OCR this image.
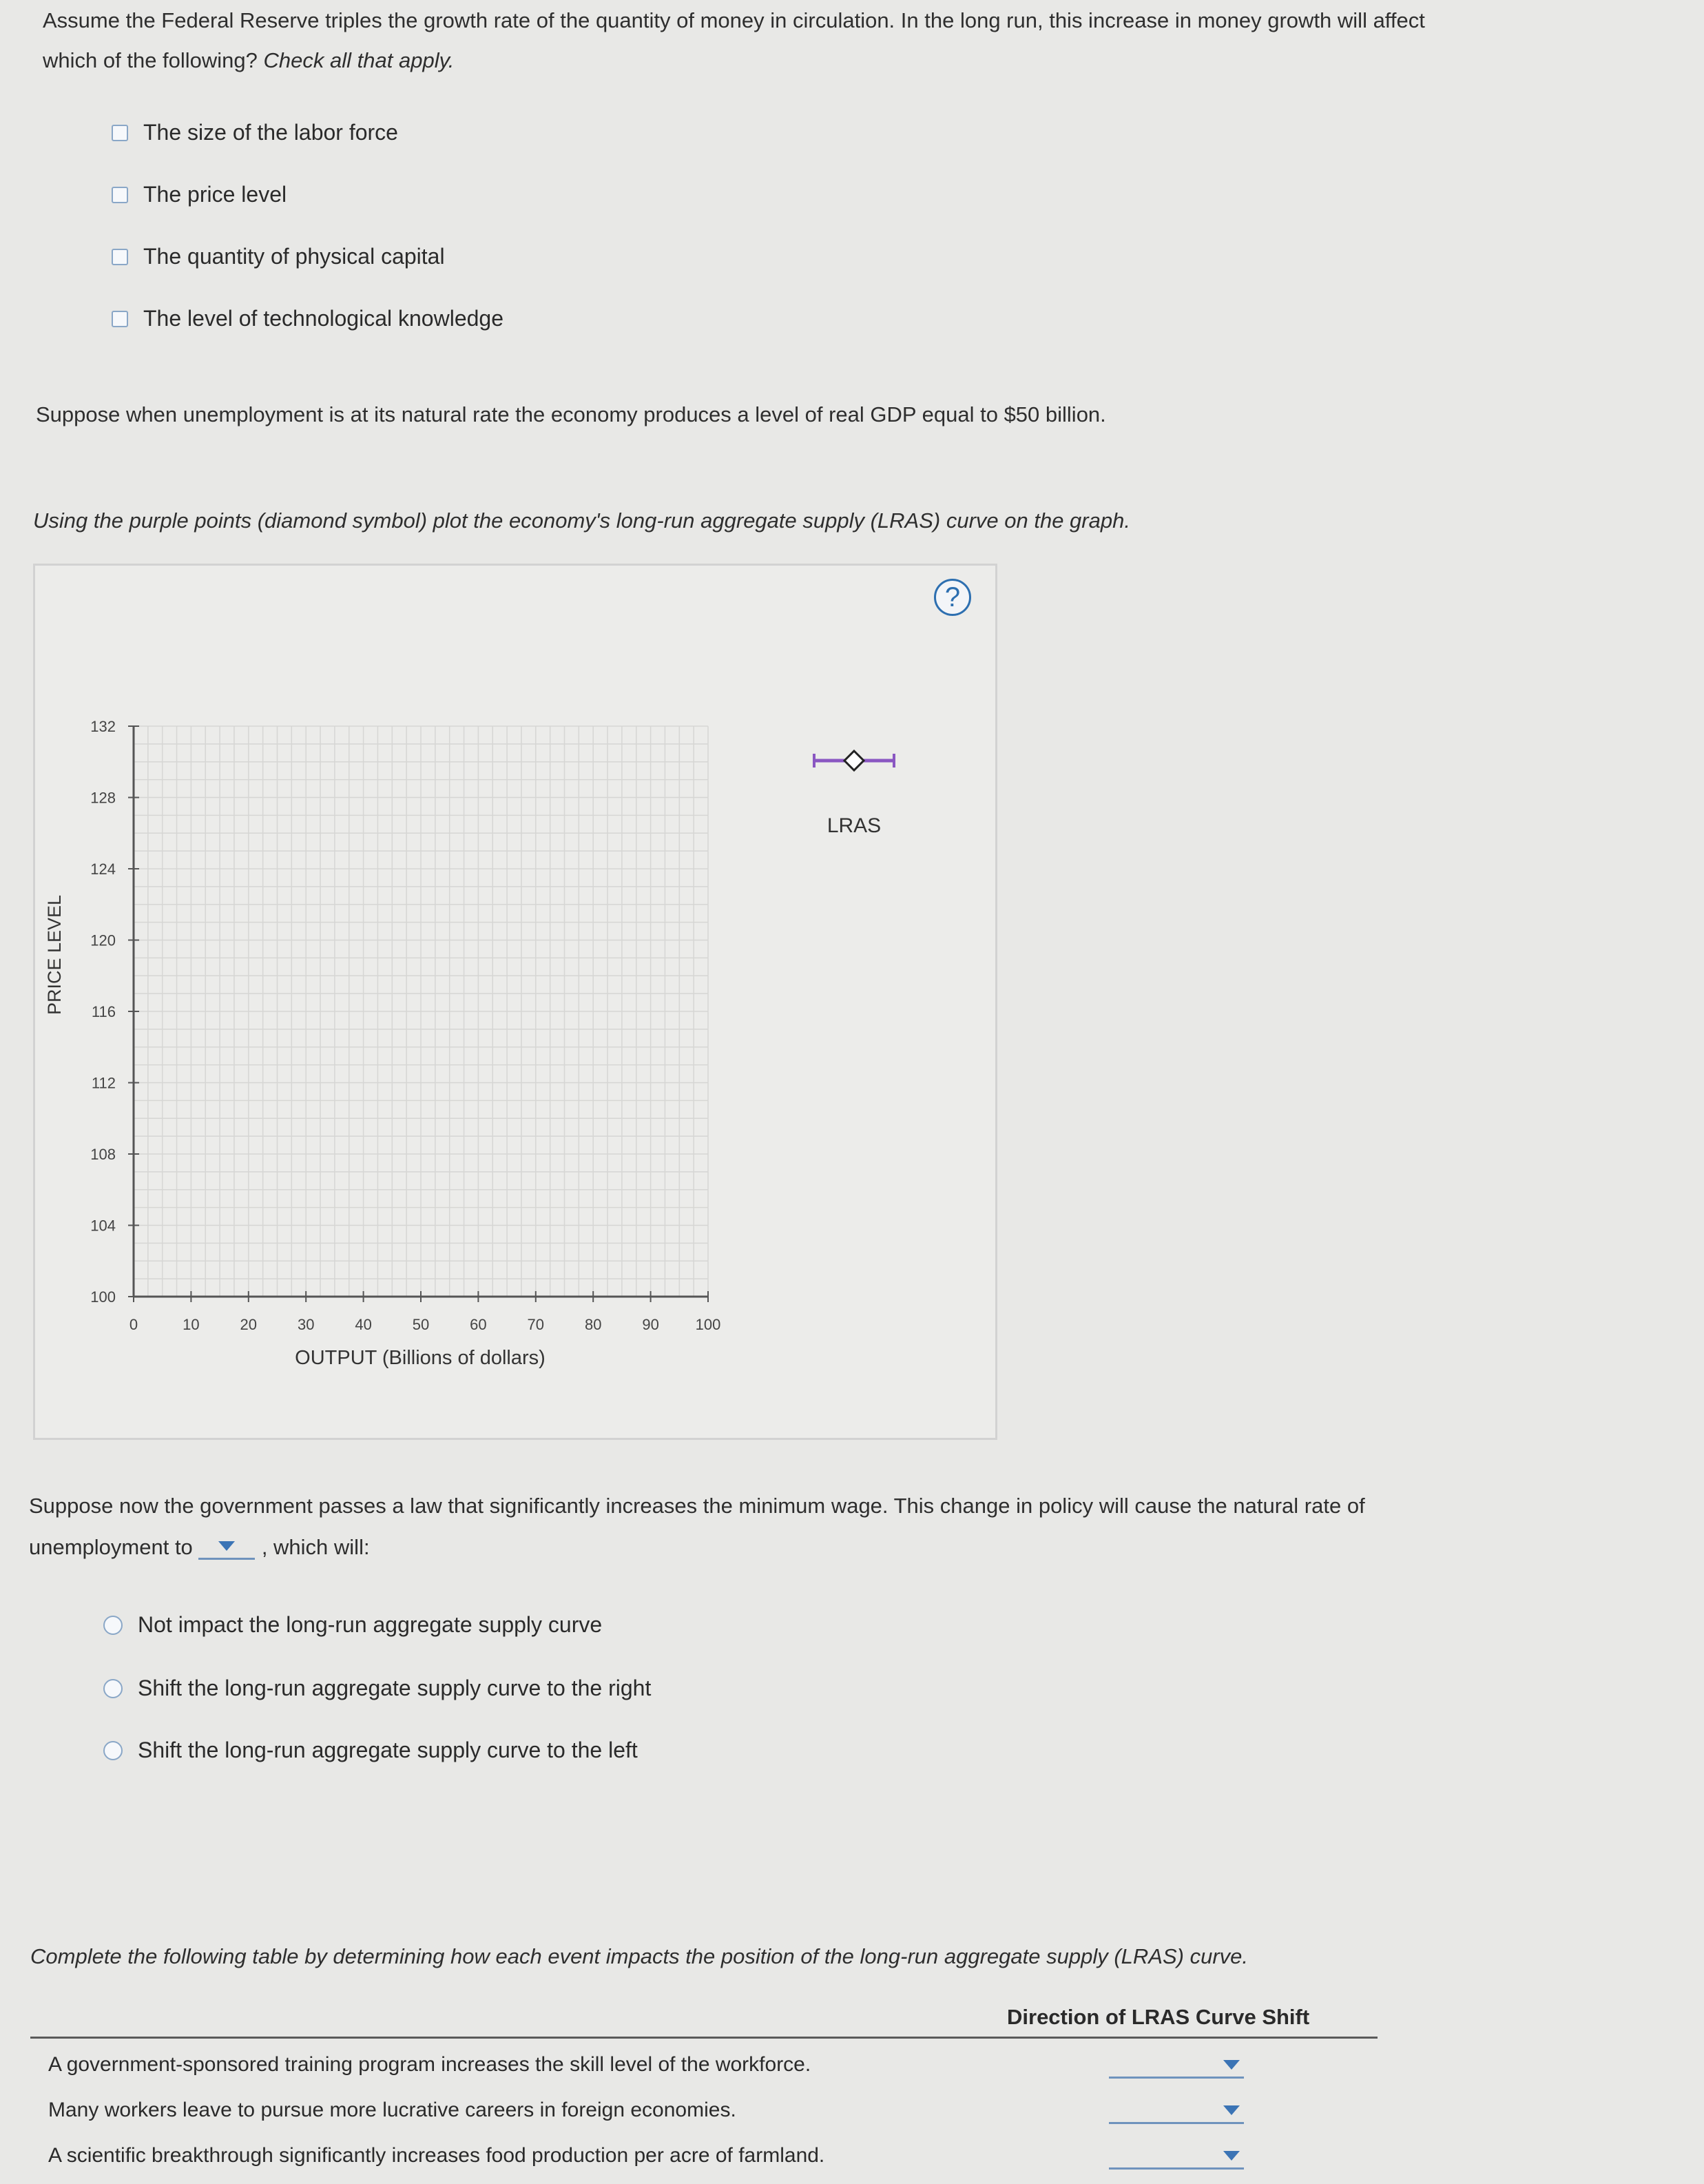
Assume the Federal Reserve triples the growth rate of the quantity of money in circulation. In the long run, this increase in money growth will affect
which of the following? Check all that apply.
The size of the labor force
The price level
The quantity of physical capital
The level of technological knowledge
Suppose when unemployment is at its natural rate the economy produces a level of real GDP equal to $50 billion.
Using the purple points (diamond symbol) plot the economy's long-run aggregate supply (LRAS) curve on the graph.
?
100
104
108
112
116
120
124
128
132
0	10	20	30	40	50	60	70	80	90 100
PRICE LEVEL
OUTPUT (Billions of dollars)
LRAS
Suppose now the government passes a law that significantly increases the minimum wage. This change in policy will cause the natural rate of
unemployment to	, which will:
Not impact the long-run aggregate supply curve
Shift the long-run aggregate supply curve to the right
Shift the long-run aggregate supply curve to the left
Complete the following table by determining how each event impacts the position of the long-run aggregate supply (LRAS) curve.
Direction of LRAS Curve Shift
A government-sponsored training program increases the skill level of the workforce.
Many workers leave to pursue more lucrative careers in foreign economies.
A scientific breakthrough significantly increases food production per acre of farmland.
